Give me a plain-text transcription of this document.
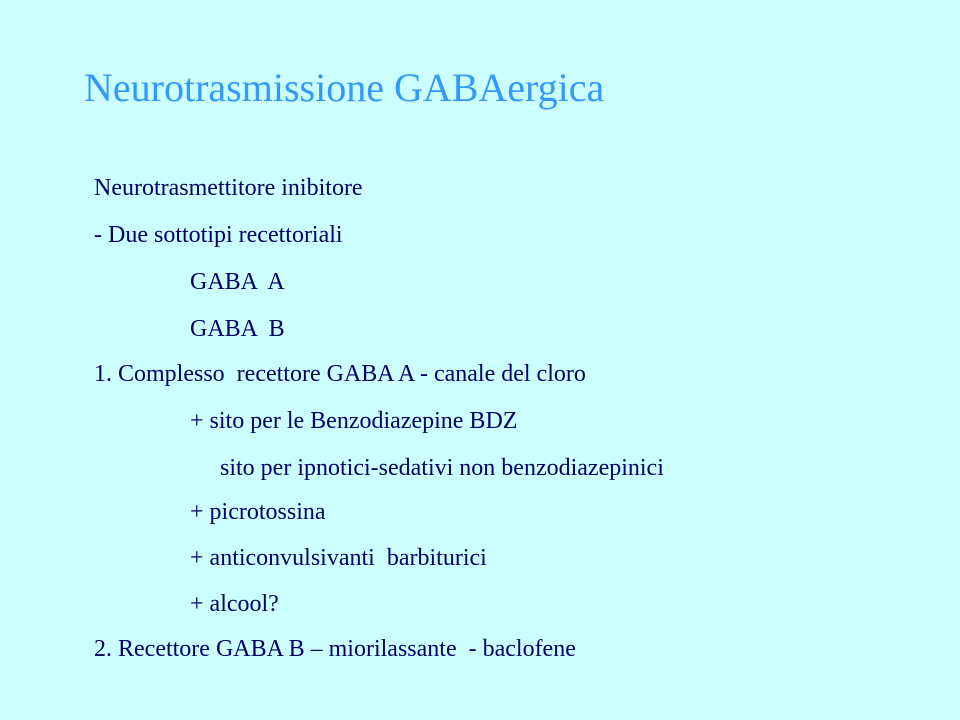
Neurotrasmissione GABAergica
Neurotrasmettitore inibitore
- Due sottotipi recettoriali
GABA  A
GABA  B
1. Complesso  recettore GABA A - canale del cloro
+ sito per le Benzodiazepine BDZ
sito per ipnotici-sedativi non benzodiazepinici
+ picrotossina
+ anticonvulsivanti  barbiturici
+ alcool?
2. Recettore GABA B – miorilassante  - baclofene
